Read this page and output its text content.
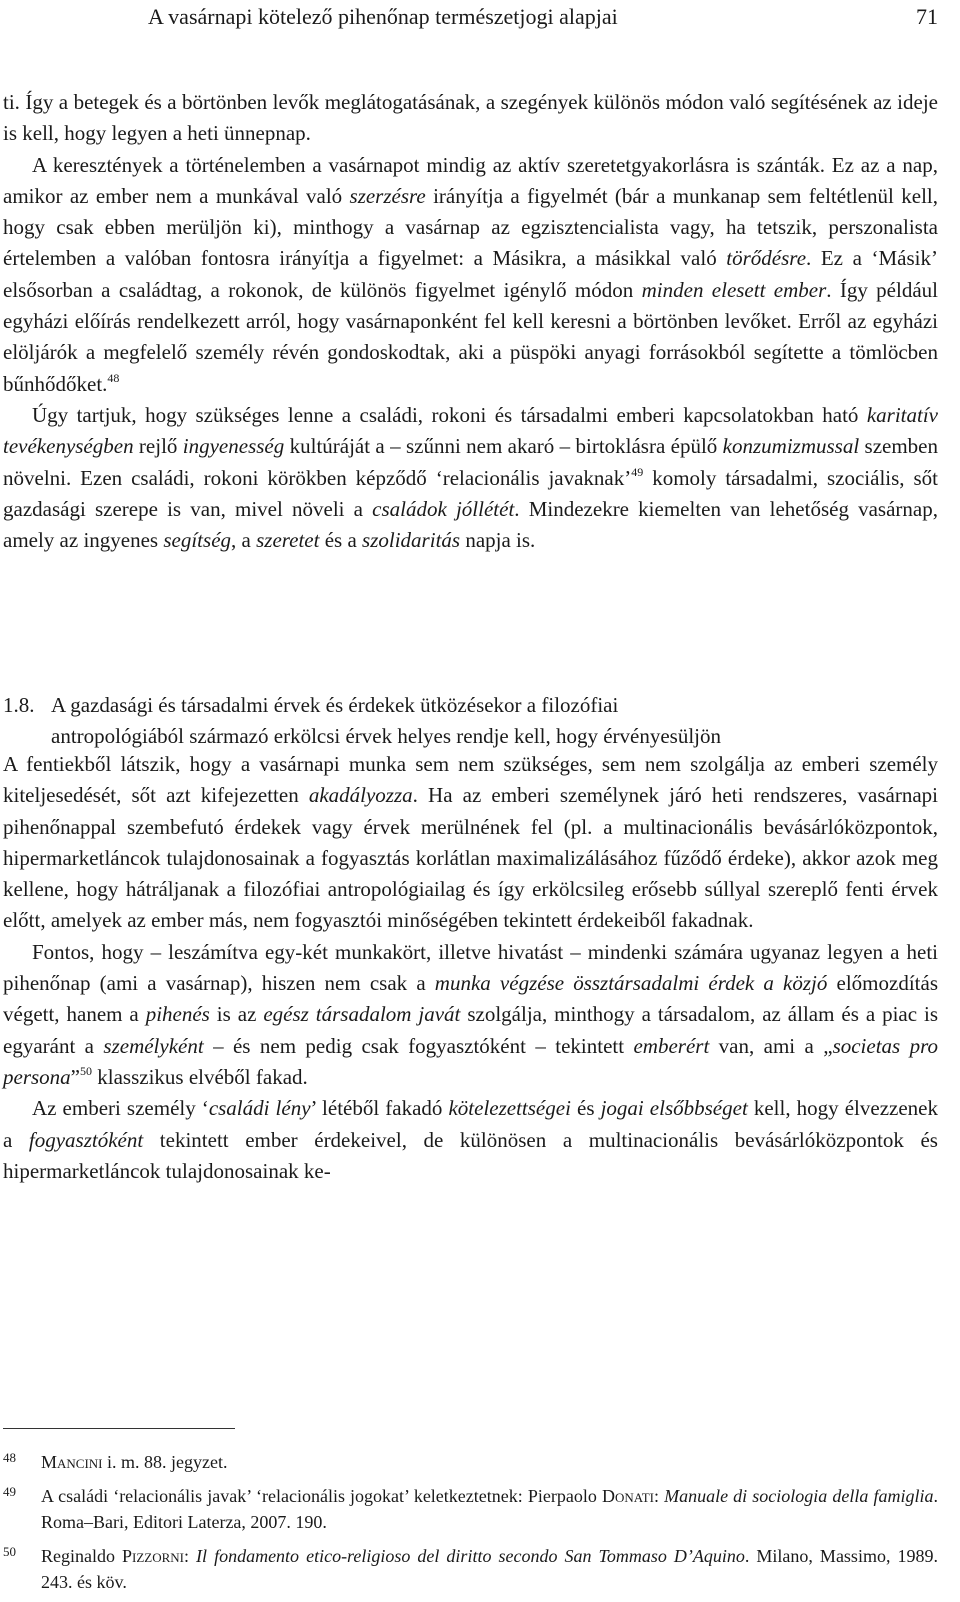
A vasárnapi kötelező pihenőnap természetjogi alapjai	71

ti. Így a betegek és a börtönben levők meglátogatásának, a szegények különös módon való segítésének az ideje is kell, hogy legyen a heti ünnepnap.

A keresztények a történelemben a vasárnapot mindig az aktív szeretetgyakorlásra is szánták. Ez az a nap, amikor az ember nem a munkával való szerzésre irányítja a figyelmét (bár a munkanap sem feltétlenül kell, hogy csak ebben merüljön ki), minthogy a vasárnap az egzisztencialista vagy, ha tetszik, perszonalista értelemben a valóban fontosra irányítja a figyelmet: a Másikra, a másikkal való törődésre. Ez a ‘Másik’ elsősorban a családtag, a rokonok, de különös figyelmet igénylő módon minden elesett ember. Így például egyházi előírás rendelkezett arról, hogy vasárnaponként fel kell keresni a börtönben levőket. Erről az egyházi elöljárók a megfelelő személy révén gondoskodtak, aki a püspöki anyagi forrásokból segítette a tömlöcben bűnhődőket.$^{48}$

Úgy tartjuk, hogy szükséges lenne a családi, rokoni és társadalmi emberi kapcsolatokban ható karitatív tevékenységben rejlő ingyenesség kultúráját a – szűnni nem akaró – birtoklásra épülő konzumizmussal szemben növelni. Ezen családi, rokoni körökben képződő ‘relacionális javaknak’$^{49}$ komoly társadalmi, szociális, sőt gazdasági szerepe is van, mivel növeli a családok jóllétét. Mindezekre kiemelten van lehetőség vasárnap, amely az ingyenes segítség, a szeretet és a szolidaritás napja is.

1.8. A gazdasági és társadalmi érvek és érdekek ütközésekor a filozófiai
antropológiából származó erkölcsi érvek helyes rendje kell, hogy érvényesüljön

A fentiekből látszik, hogy a vasárnapi munka sem nem szükséges, sem nem szolgálja az emberi személy kiteljesedését, sőt azt kifejezetten akadályozza. Ha az emberi személynek járó heti rendszeres, vasárnapi pihenőnappal szembefutó érdekek vagy érvek merülnének fel (pl. a multinacionális bevásárlóközpontok, hipermarketláncok tulajdonosainak a fogyasztás korlátlan maximalizálásához fűződő érdeke), akkor azok meg kellene, hogy hátráljanak a filozófiai antropológiailag és így erkölcsileg erősebb súllyal szereplő fenti érvek előtt, amelyek az ember más, nem fogyasztói minőségében tekintett érdekeiből fakadnak.

Fontos, hogy – leszámítva egy-két munkakört, illetve hivatást – mindenki számára ugyanaz legyen a heti pihenőnap (ami a vasárnap), hiszen nem csak a munka végzése össztársadalmi érdek a közjó előmozdítás végett, hanem a pihenés is az egész társadalom javát szolgálja, minthogy a társadalom, az állam és a piac is egyaránt a személyként – és nem pedig csak fogyasztóként – tekintett emberért van, ami a „societas pro persona”$^{50}$ klasszikus elvéből fakad.

Az emberi személy ‘családi lény’ létéből fakadó kötelezettségei és jogai elsőbbséget kell, hogy élvezzenek a fogyasztóként tekintett ember érdekeivel, de különösen a multinacionális bevásárlóközpontok és hipermarketláncok tulajdonosainak ke-

48 Mancini i. m. 88. jegyzet.
49 A családi ‘relacionális javak’ ‘relacionális jogokat’ keletkeztetnek: Pierpaolo Donati: Manuale di sociologia della famiglia. Roma–Bari, Editori Laterza, 2007. 190.
50 Reginaldo Pizzorni: Il fondamento etico-religioso del diritto secondo San Tommaso D’Aquino. Milano, Massimo, 1989. 243. és köv.
